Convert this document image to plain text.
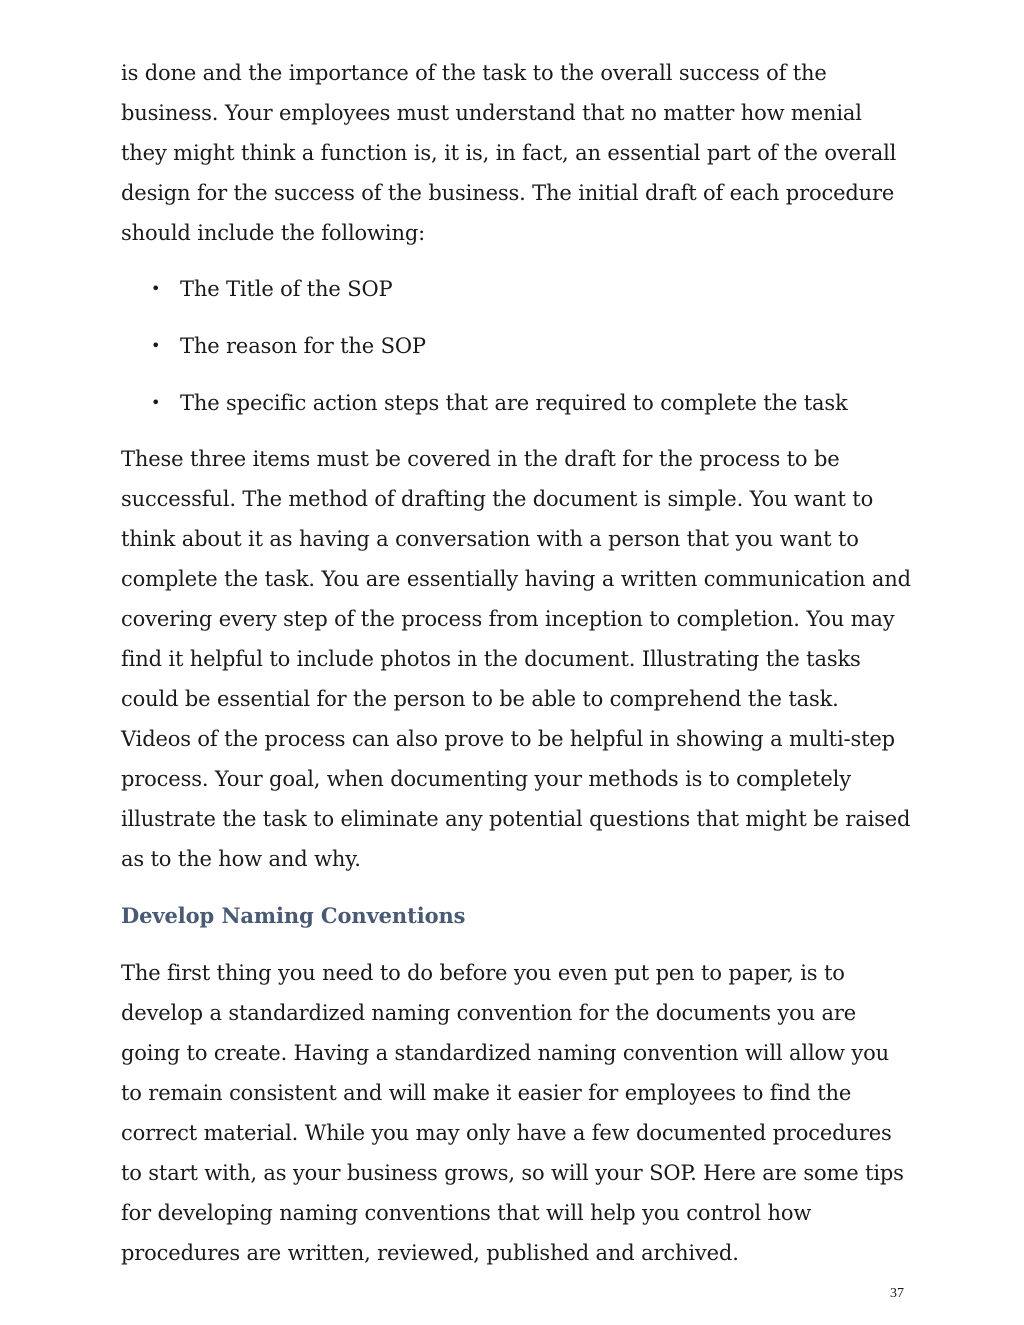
is done and the importance of the task to the overall success of the business. Your employees must understand that no matter how menial they might think a function is, it is, in fact, an essential part of the overall design for the success of the business. The initial draft of each procedure should include the following:

• The Title of the SOP
• The reason for the SOP
• The specific action steps that are required to complete the task

These three items must be covered in the draft for the process to be successful. The method of drafting the document is simple. You want to think about it as having a conversation with a person that you want to complete the task. You are essentially having a written communication and covering every step of the process from inception to completion. You may find it helpful to include photos in the document. Illustrating the tasks could be essential for the person to be able to comprehend the task. Videos of the process can also prove to be helpful in showing a multi-step process. Your goal, when documenting your methods is to completely illustrate the task to eliminate any potential questions that might be raised as to the how and why.

Develop Naming Conventions

The first thing you need to do before you even put pen to paper, is to develop a standardized naming convention for the documents you are going to create. Having a standardized naming convention will allow you to remain consistent and will make it easier for employees to find the correct material. While you may only have a few documented procedures to start with, as your business grows, so will your SOP. Here are some tips for developing naming conventions that will help you control how procedures are written, reviewed, published and archived.

37
